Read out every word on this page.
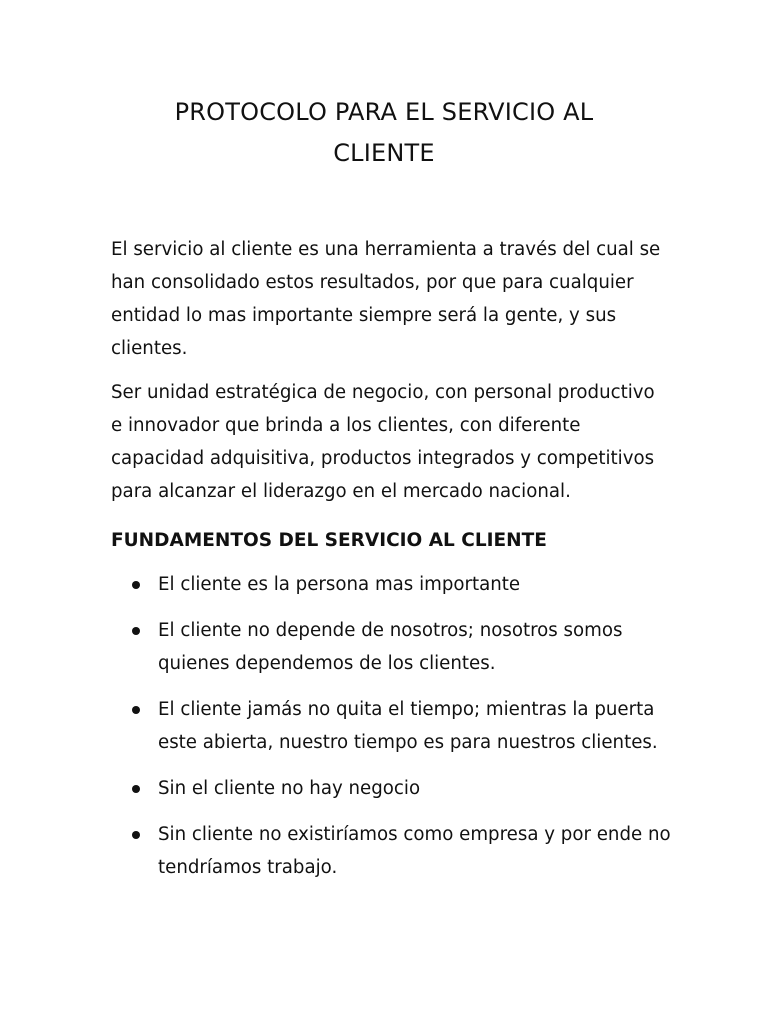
PROTOCOLO PARA EL SERVICIO AL
CLIENTE

El servicio al cliente es una herramienta a través del cual se han consolidado estos resultados, por que para cualquier entidad lo mas importante siempre será la gente, y sus clientes.

Ser unidad estratégica de negocio, con personal productivo e innovador que brinda a los clientes, con diferente capacidad adquisitiva, productos integrados y competitivos para alcanzar el liderazgo en el mercado nacional.

FUNDAMENTOS DEL SERVICIO AL CLIENTE
El cliente es la persona mas importante
El cliente no depende de nosotros; nosotros somos quienes dependemos de los clientes.
El cliente jamás no quita el tiempo; mientras la puerta este abierta, nuestro tiempo es para nuestros clientes.
Sin el cliente no hay negocio
Sin cliente no existiríamos como empresa y por ende no tendríamos trabajo.
